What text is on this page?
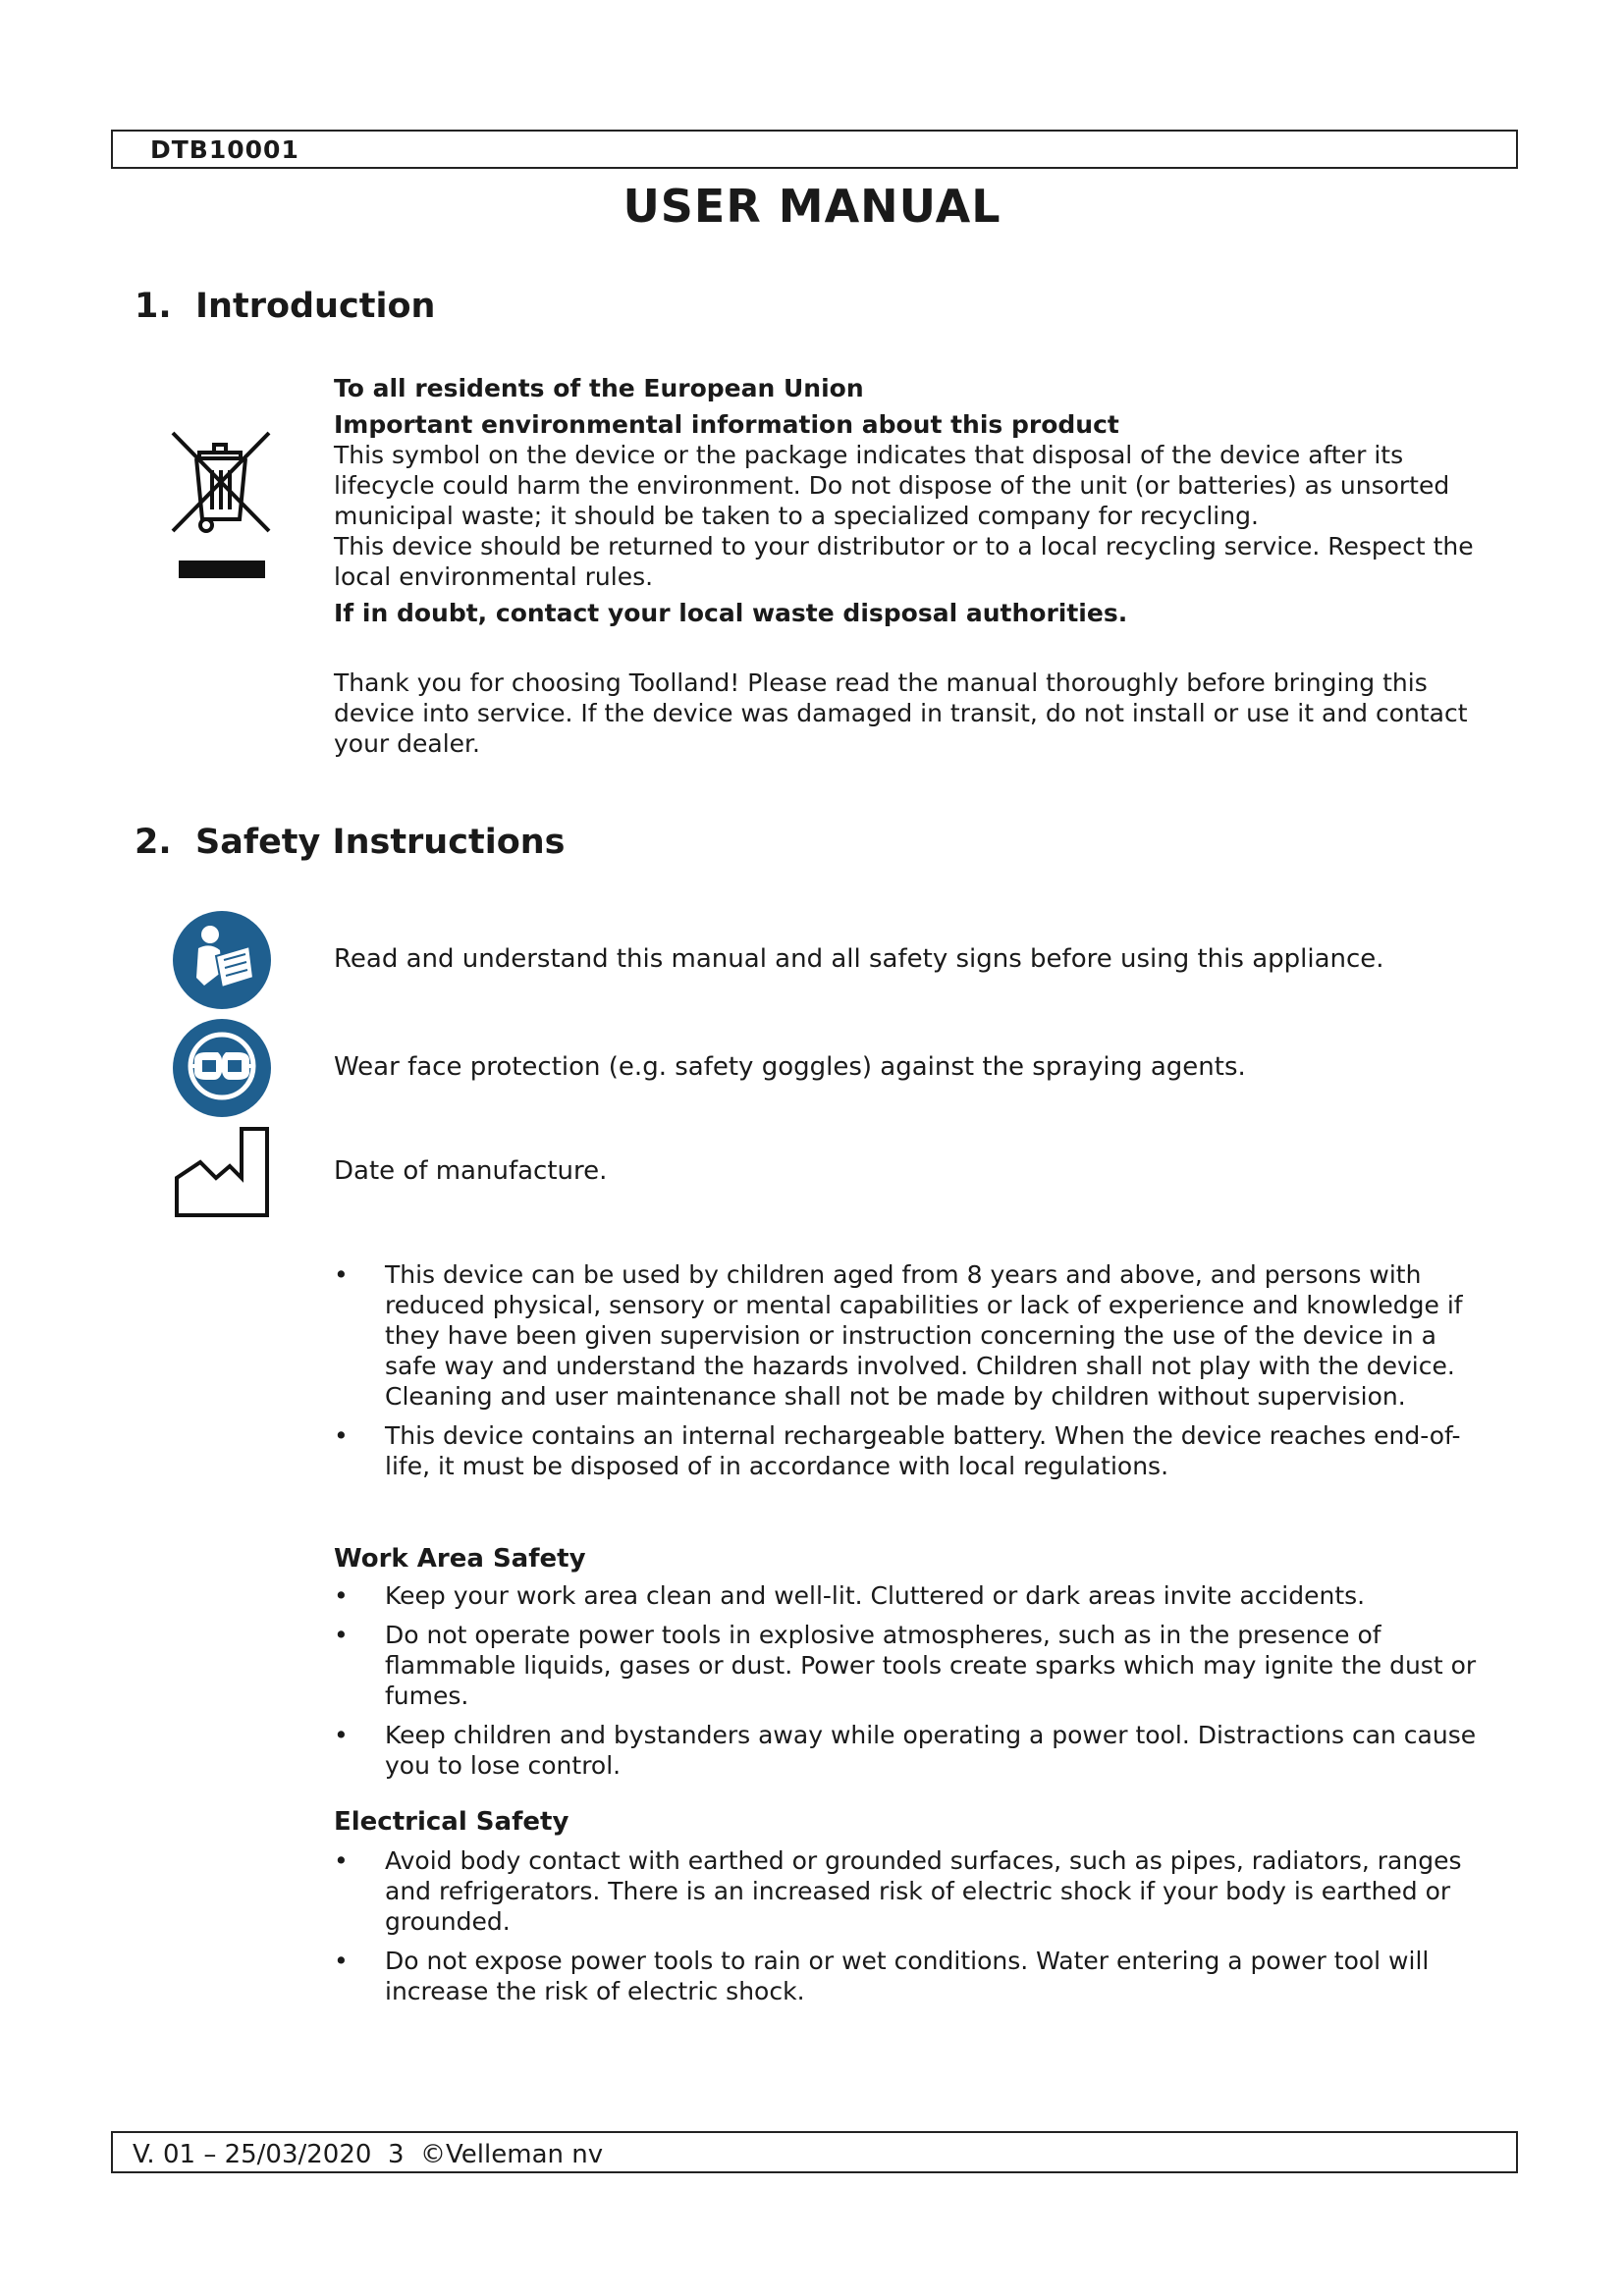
DTB10001
USER MANUAL
1.  Introduction

To all residents of the European Union

Important environmental information about this product

This symbol on the device or the package indicates that disposal of the device after its lifecycle could harm the environment. Do not dispose of the unit (or batteries) as unsorted municipal waste; it should be taken to a specialized company for recycling.

This device should be returned to your distributor or to a local recycling service. Respect the local environmental rules.

If in doubt, contact your local waste disposal authorities.

Thank you for choosing Toolland! Please read the manual thoroughly before bringing this device into service. If the device was damaged in transit, do not install or use it and contact your dealer.

2.  Safety Instructions
Read and understand this manual and all safety signs before using this appliance.
Wear face protection (e.g. safety goggles) against the spraying agents.
Date of manufacture.
• This device can be used by children aged from 8 years and above, and persons with reduced physical, sensory or mental capabilities or lack of experience and knowledge if they have been given supervision or instruction concerning the use of the device in a safe way and understand the hazards involved. Children shall not play with the device. Cleaning and user maintenance shall not be made by children without supervision.
• This device contains an internal rechargeable battery. When the device reaches end-of-life, it must be disposed of in accordance with local regulations.
Work Area Safety
• Keep your work area clean and well-lit. Cluttered or dark areas invite accidents.
• Do not operate power tools in explosive atmospheres, such as in the presence of flammable liquids, gases or dust. Power tools create sparks which may ignite the dust or fumes.
• Keep children and bystanders away while operating a power tool. Distractions can cause you to lose control.
Electrical Safety
• Avoid body contact with earthed or grounded surfaces, such as pipes, radiators, ranges and refrigerators. There is an increased risk of electric shock if your body is earthed or grounded.
• Do not expose power tools to rain or wet conditions. Water entering a power tool will increase the risk of electric shock.
V. 01 – 25/03/2020  3  ©Velleman nv
